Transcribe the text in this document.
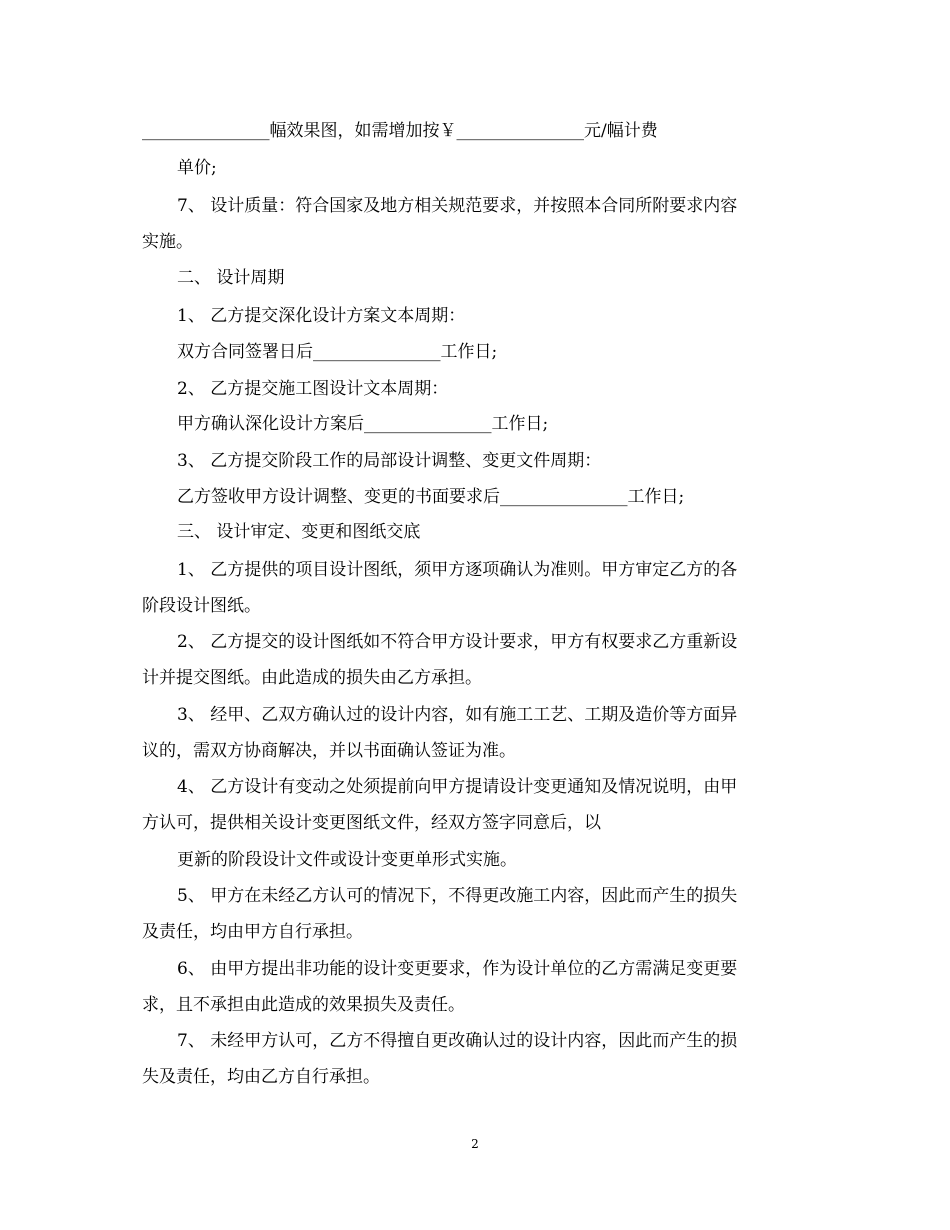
_______________幅效果图，如需增加按￥_______________元/幅计费
单价;
7、 设计质量：符合国家及地方相关规范要求，并按照本合同所附要求内容
实施。
二、 设计周期
1、 乙方提交深化设计方案文本周期：
双方合同签署日后_______________工作日;
2、 乙方提交施工图设计文本周期：
甲方确认深化设计方案后_______________工作日;
3、 乙方提交阶段工作的局部设计调整、变更文件周期：
乙方签收甲方设计调整、变更的书面要求后_______________工作日;
三、 设计审定、变更和图纸交底
1、 乙方提供的项目设计图纸，须甲方逐项确认为准则。甲方审定乙方的各
阶段设计图纸。
2、 乙方提交的设计图纸如不符合甲方设计要求，甲方有权要求乙方重新设
计并提交图纸。由此造成的损失由乙方承担。
3、 经甲、乙双方确认过的设计内容，如有施工工艺、工期及造价等方面异
议的，需双方协商解决，并以书面确认签证为准。
4、 乙方设计有变动之处须提前向甲方提请设计变更通知及情况说明，由甲
方认可，提供相关设计变更图纸文件，经双方签字同意后，以
更新的阶段设计文件或设计变更单形式实施。
5、 甲方在未经乙方认可的情况下，不得更改施工内容，因此而产生的损失
及责任，均由甲方自行承担。
6、 由甲方提出非功能的设计变更要求，作为设计单位的乙方需满足变更要
求，且不承担由此造成的效果损失及责任。
7、 未经甲方认可，乙方不得擅自更改确认过的设计内容，因此而产生的损
失及责任，均由乙方自行承担。
2
